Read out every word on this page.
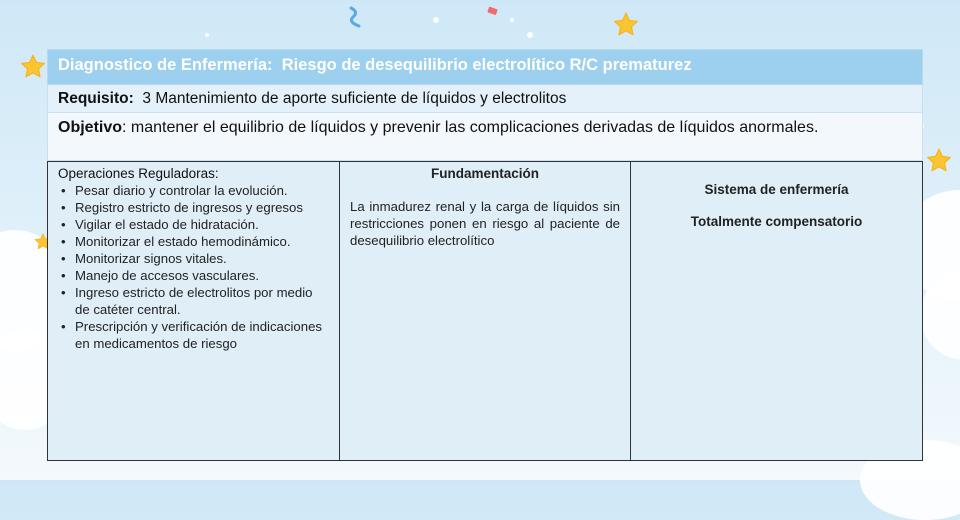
Diagnostico de Enfermería: Riesgo de desequilibrio electrolítico R/C prematurez
Requisito: 3 Mantenimiento de aporte suficiente de líquidos y electrolitos
Objetivo: mantener el equilibrio de líquidos y prevenir las complicaciones derivadas de líquidos anormales.
Operaciones Reguladoras:
• Pesar diario y controlar la evolución.
• Registro estricto de ingresos y egresos
• Vigilar el estado de hidratación.
• Monitorizar el estado hemodinámico.
• Monitorizar signos vitales.
• Manejo de accesos vasculares.
• Ingreso estricto de electrolitos por medio de catéter central.
• Prescripción y verificación de indicaciones en medicamentos de riesgo
Fundamentación
La inmadurez renal y la carga de líquidos sin restricciones ponen en riesgo al paciente de desequilibrio electrolítico
Sistema de enfermería
Totalmente compensatorio
